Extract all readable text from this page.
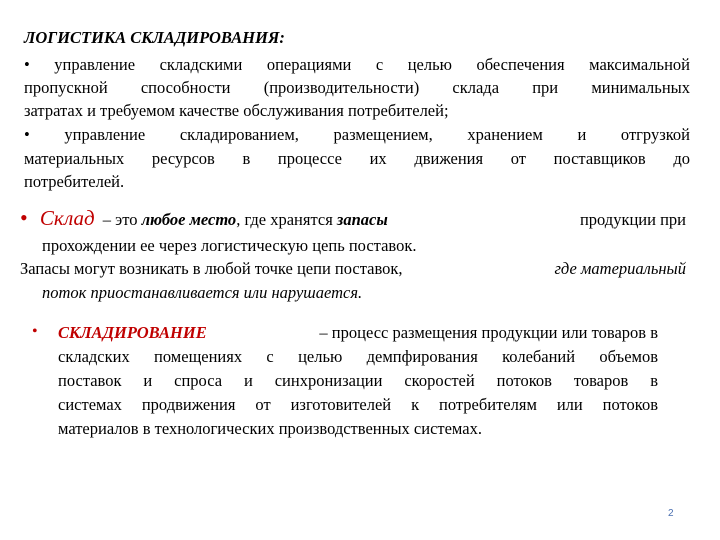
ЛОГИСТИКА СКЛАДИРОВАНИЯ:
• управление складскими операциями с целью обеспечения максимальной
пропускной способности (производительности) склада при минимальных
затратах и требуемом качестве обслуживания потребителей;
• управление складированием, размещением, хранением и отгрузкой
материальных ресурсов в процессе их движения от поставщиков до
потребителей.
• Склад – это любое место, где хранятся запасы	продукции при
прохождении ее через логистическую цепь поставок.
Запасы могут возникать в любой точке цепи поставок,	где материальный
поток приостанавливается или нарушается.
• СКЛАДИРОВАНИЕ	– процесс размещения продукции или товаров в
складских помещениях с целью демпфирования колебаний объемов
поставок и спроса и синхронизации скоростей потоков товаров в
системах продвижения от изготовителей к потребителям или потоков
материалов в технологических производственных системах.
2
